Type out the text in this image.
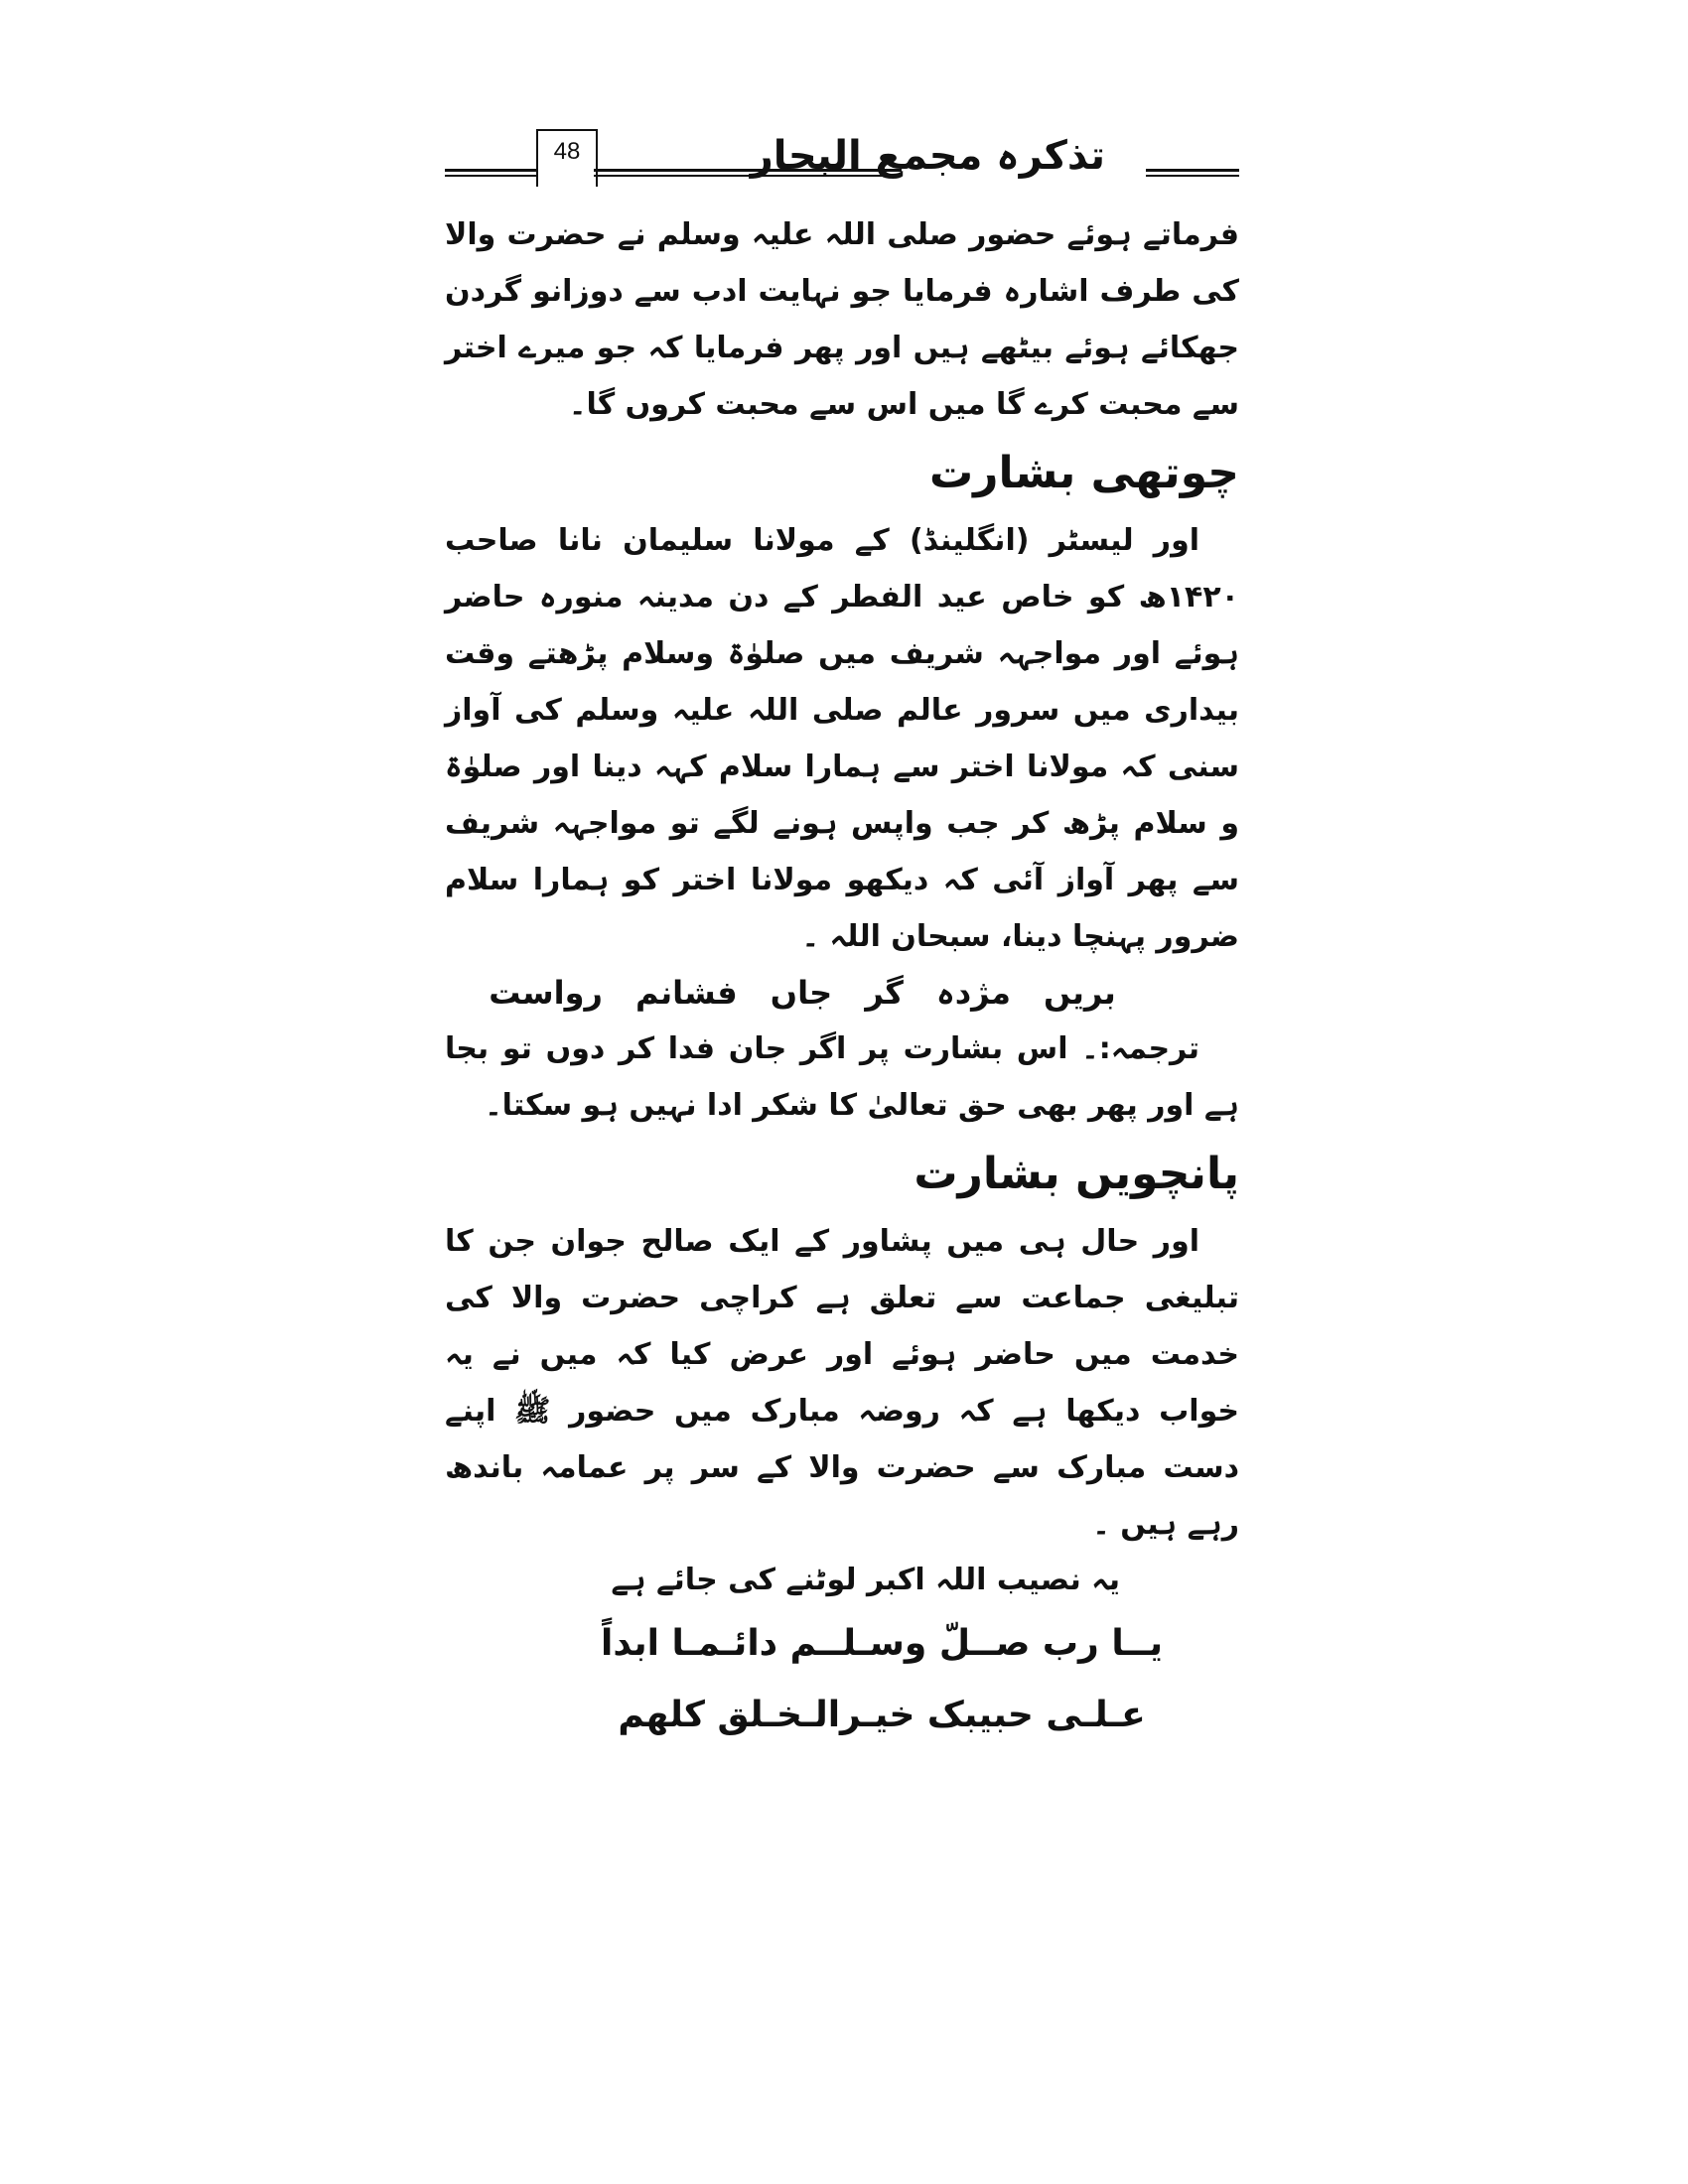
تذکرہ مجمع البحار
48

فرماتے ہوئے حضور صلی اللہ علیہ وسلم نے حضرت والا کی طرف اشارہ فرمایا جو نہایت ادب سے دوزانو گردن جھکائے ہوئے بیٹھے ہیں اور پھر فرمایا کہ جو میرے اختر سے محبت کرے گا میں اس سے محبت کروں گا۔

چوتھی بشارت

اور لیسٹر (انگلینڈ) کے مولانا سلیمان نانا صاحب ۱۴۲۰ھ کو خاص عید الفطر کے دن مدینہ منورہ حاضر ہوئے اور مواجہہ شریف میں صلوٰۃ وسلام پڑھتے وقت بیداری میں سرور عالم صلی اللہ علیہ وسلم کی آواز سنی کہ مولانا اختر سے ہمارا سلام کہہ دینا اور صلوٰۃ و سلام پڑھ کر جب واپس ہونے لگے تو مواجہہ شریف سے پھر آواز آئی کہ دیکھو مولانا اختر کو ہمارا سلام ضرور پہنچا دینا، سبحان اللہ ۔

بریں مژدہ گر جاں فشانم رواست

ترجمہ:۔ اس بشارت پر اگر جان فدا کر دوں تو بجا ہے اور پھر بھی حق تعالیٰ کا شکر ادا نہیں ہو سکتا۔

پانچویں بشارت

اور حال ہی میں پشاور کے ایک صالح جوان جن کا تبلیغی جماعت سے تعلق ہے کراچی حضرت والا کی خدمت میں حاضر ہوئے اور عرض کیا کہ میں نے یہ خواب دیکھا ہے کہ روضہ مبارک میں حضور ﷺ اپنے دست مبارک سے حضرت والا کے سر پر عمامہ باندھ رہے ہیں ۔

یہ نصیب اللہ اکبر لوٹنے کی جائے ہے

یــا رب صــلّ وسـلــم دائـمـا ابداً

عـلـی حبیبک خیـرالـخـلق کلھم
